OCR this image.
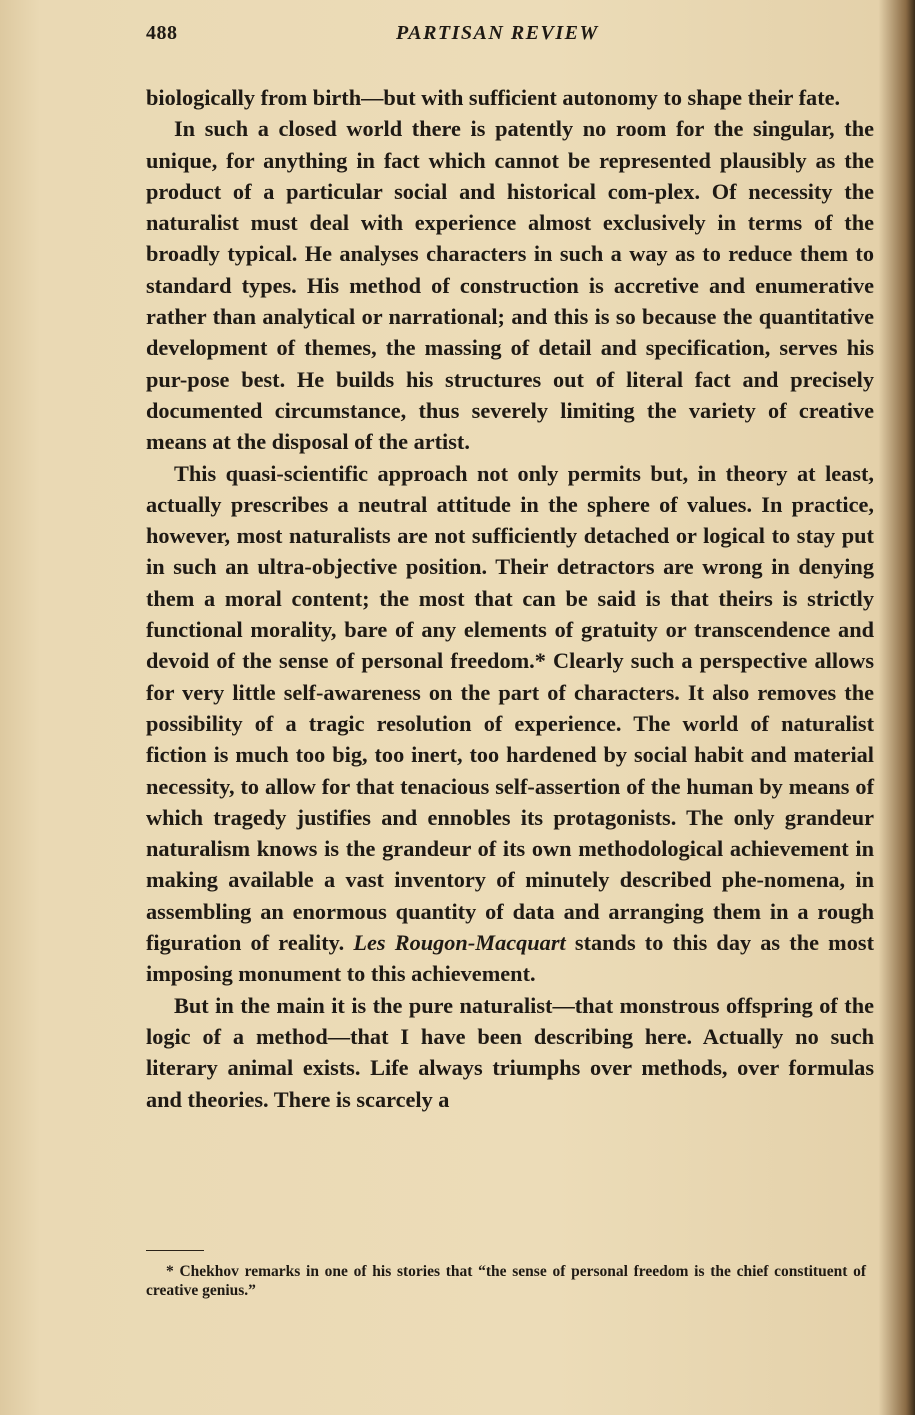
488	PARTISAN REVIEW

biologically from birth—but with sufficient autonomy to shape their fate.

In such a closed world there is patently no room for the singular, the unique, for anything in fact which cannot be represented plausibly as the product of a particular social and historical com-plex. Of necessity the naturalist must deal with experience almost exclusively in terms of the broadly typical. He analyses characters in such a way as to reduce them to standard types. His method of construction is accretive and enumerative rather than analytical or narrational; and this is so because the quantitative development of themes, the massing of detail and specification, serves his pur-pose best. He builds his structures out of literal fact and precisely documented circumstance, thus severely limiting the variety of creative means at the disposal of the artist.

This quasi-scientific approach not only permits but, in theory at least, actually prescribes a neutral attitude in the sphere of values. In practice, however, most naturalists are not sufficiently detached or logical to stay put in such an ultra-objective position. Their detractors are wrong in denying them a moral content; the most that can be said is that theirs is strictly functional morality, bare of any elements of gratuity or transcendence and devoid of the sense of personal freedom.* Clearly such a perspective allows for very little self-awareness on the part of characters. It also removes the possibility of a tragic resolution of experience. The world of naturalist fiction is much too big, too inert, too hardened by social habit and material necessity, to allow for that tenacious self-assertion of the human by means of which tragedy justifies and ennobles its protagonists. The only grandeur naturalism knows is the grandeur of its own methodological achievement in making available a vast inventory of minutely described phe-nomena, in assembling an enormous quantity of data and arranging them in a rough figuration of reality. Les Rougon-Macquart stands to this day as the most imposing monument to this achievement.

But in the main it is the pure naturalist—that monstrous offspring of the logic of a method—that I have been describing here. Actually no such literary animal exists. Life always triumphs over methods, over formulas and theories. There is scarcely a

* Chekhov remarks in one of his stories that “the sense of personal freedom is the chief constituent of creative genius.”
